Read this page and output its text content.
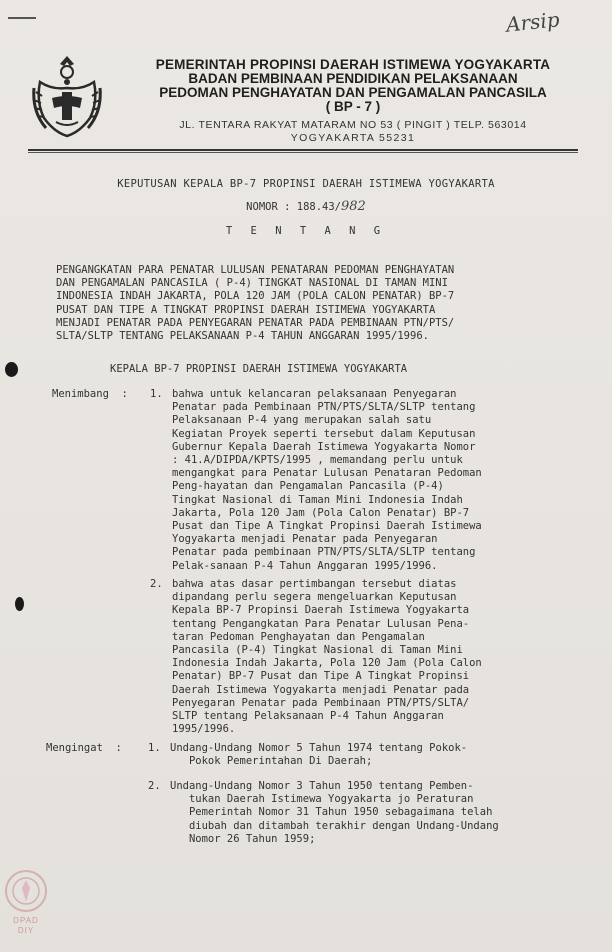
Arsip
PEMERINTAH PROPINSI DAERAH ISTIMEWA YOGYAKARTA
BADAN PEMBINAAN PENDIDIKAN PELAKSANAAN
PEDOMAN PENGHAYATAN DAN PENGAMALAN PANCASILA
( BP - 7 )
JL. TENTARA RAKYAT MATARAM NO 53 ( PINGIT ) TELP. 563014
YOGYAKARTA 55231
KEPUTUSAN KEPALA BP-7 PROPINSI DAERAH ISTIMEWA YOGYAKARTA
NOMOR : 188.43/982
T E N T A N G
PENGANGKATAN PARA PENATAR LULUSAN PENATARAN PEDOMAN PENGHAYATAN
DAN PENGAMALAN PANCASILA ( P-4) TINGKAT NASIONAL DI TAMAN MINI
INDONESIA INDAH JAKARTA, POLA 120 JAM (POLA CALON PENATAR) BP-7
PUSAT DAN TIPE A TINGKAT PROPINSI DAERAH ISTIMEWA YOGYAKARTA
MENJADI PENATAR PADA PENYEGARAN PENATAR PADA PEMBINAAN PTN/PTS/
SLTA/SLTP TENTANG PELAKSANAAN P-4 TAHUN ANGGARAN 1995/1996.
KEPALA BP-7 PROPINSI DAERAH ISTIMEWA YOGYAKARTA
Menimbang  : 1. bahwa untuk kelancaran pelaksanaan Penyegaran
Penatar pada Pembinaan PTN/PTS/SLTA/SLTP tentang
Pelaksanaan P-4 yang merupakan salah satu
Kegiatan Proyek seperti tersebut dalam Keputusan
Gubernur Kepala Daerah Istimewa Yogyakarta Nomor
: 41.A/DIPDA/KPTS/1995 , memandang perlu untuk
mengangkat para Penatar Lulusan Penataran Pedoman
Peng-hayatan dan Pengamalan Pancasila (P-4)
Tingkat Nasional di Taman Mini Indonesia Indah
Jakarta, Pola 120 Jam (Pola Calon Penatar) BP-7
Pusat dan Tipe A Tingkat Propinsi Daerah Istimewa
Yogyakarta menjadi Penatar pada Penyegaran
Penatar pada pembinaan PTN/PTS/SLTA/SLTP tentang
Pelak-sanaan P-4 Tahun Anggaran 1995/1996.
2. bahwa atas dasar pertimbangan tersebut diatas
dipandang perlu segera mengeluarkan Keputusan
Kepala BP-7 Propinsi Daerah Istimewa Yogyakarta
tentang Pengangkatan Para Penatar Lulusan Pena-
taran Pedoman Penghayatan dan Pengamalan
Pancasila (P-4) Tingkat Nasional di Taman Mini
Indonesia Indah Jakarta, Pola 120 Jam (Pola Calon
Penatar) BP-7 Pusat dan Tipe A Tingkat Propinsi
Daerah Istimewa Yogyakarta menjadi Penatar pada
Penyegaran Penatar pada Pembinaan PTN/PTS/SLTA/
SLTP tentang Pelaksanaan P-4 Tahun Anggaran
1995/1996.
Mengingat  : 1. Undang-Undang Nomor 5 Tahun 1974 tentang Pokok-
Pokok Pemerintahan Di Daerah;
2. Undang-Undang Nomor 3 Tahun 1950 tentang Pemben-
tukan Daerah Istimewa Yogyakarta jo Peraturan
Pemerintah Nomor 31 Tahun 1950 sebagaimana telah
diubah dan ditambah terakhir dengan Undang-Undang
Nomor 26 Tahun 1959;
DPAD
DIY
